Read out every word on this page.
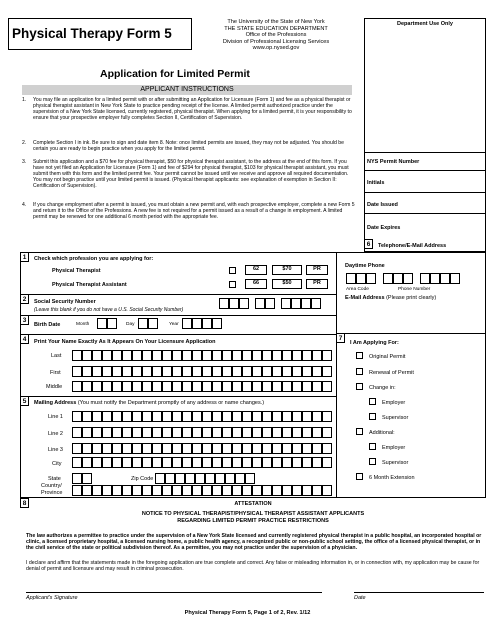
Physical Therapy Form 5
The University of the State of New York
THE STATE EDUCATION DEPARTMENT
Office of the Professions
Division of Professional Licensing Services
www.op.nysed.gov
Application for Limited Permit
Department Use Only
NYS Permit Number
Initials
Date Issued
Date Expires
APPLICANT INSTRUCTIONS
1.	You may file an application for a limited permit with or after submitting an Application for Licensure (Form 1) and fee as a physical therapist or physical therapist assistant in New York State to practice pending receipt of the license. A limited permit authorized practice under the supervision of a New York State licensed, currently registered, physical therapist. When applying for a limited permit, it is your responsibility to ensure that your prospective employer fully completes Section II, Certification of Supervision.
2.	Complete Section I in ink. Be sure to sign and date item 8. Note: once limited permits are issued, they may not be adjusted. You should be certain you are ready to begin practice when you apply for the limited permit.
3.	Submit this application and a $70 fee for physical therapist, $50 for physical therapist assistant, to the address at the end of this form. If you have not yet filed an Application for Licensure (Form 1) and fee of $294 for physical therapist, $103 for physical therapist assistant, you must submit them with this form and the limited permit fee. Your permit cannot be issued until we receive and approve all required documentation. You may not begin practice until your limited permit is issued. (Physical therapist applicants: see explanation of exemption in Section II: Certification of Supervision).
4.	If you change employment after a permit is issued, you must obtain a new permit and, with each prospective employer, complete a new Form 5 and return it to the Office of the Professions. A new fee is not required for a permit issued as a result of a change in employment. A limited permit may be renewed for one additional 6 month period with the appropriate fee.
1	Check which profession you are applying for:
Physical Therapist	62	$70	PR
Physical Therapist Assistant	66	$50	PR
2	Social Security Number
(Leave this blank if you do not have a U.S. Social Security Number)
3
Birth Date	Month	Day	Year
4	Print Your Name Exactly As It Appears On Your Licensure Application
Last
First
Middle
5	Mailing Address (You must notify the Department promptly of any address or name changes.)
Line 1
Line 2
Line 3
City
State	Zip Code
Country/
Province
6	Telephone/E-Mail Address
Daytime Phone
Area Code	Phone Number
E-Mail Address (Please print clearly)
7
I Am Applying For:
Original Permit
Renewal of Permit
Change in:
Employer
Supervisor
Additional:
Employer
Supervisor
6 Month Extension
8	ATTESTATION
NOTICE TO PHYSICAL THERAPIST/PHYSICAL THERAPIST ASSISTANT APPLICANTS
REGARDING LIMITED PERMIT PRACTICE RESTRICTIONS
The law authorizes a permittee to practice under the supervision of a New York State licensed and currently registered physical therapist in a public hospital, an incorporated hospital or clinic, a licensed proprietary hospital, a licensed nursing home, a public health agency, a recognized public or non-public school setting, the office of a licensed physical therapist, or in the civil service of the state or political subdivision thereof. As a permittee, you may not practice under the supervision of a physician.
I declare and affirm that the statements made in the foregoing application are true complete and correct. Any false or misleading information in, or in connection with, my application may be cause for denial of permit and licensure and may result in criminal prosecution.
Applicant's Signature	Date
Physical Therapy Form 5, Page 1 of 2, Rev. 1/12
